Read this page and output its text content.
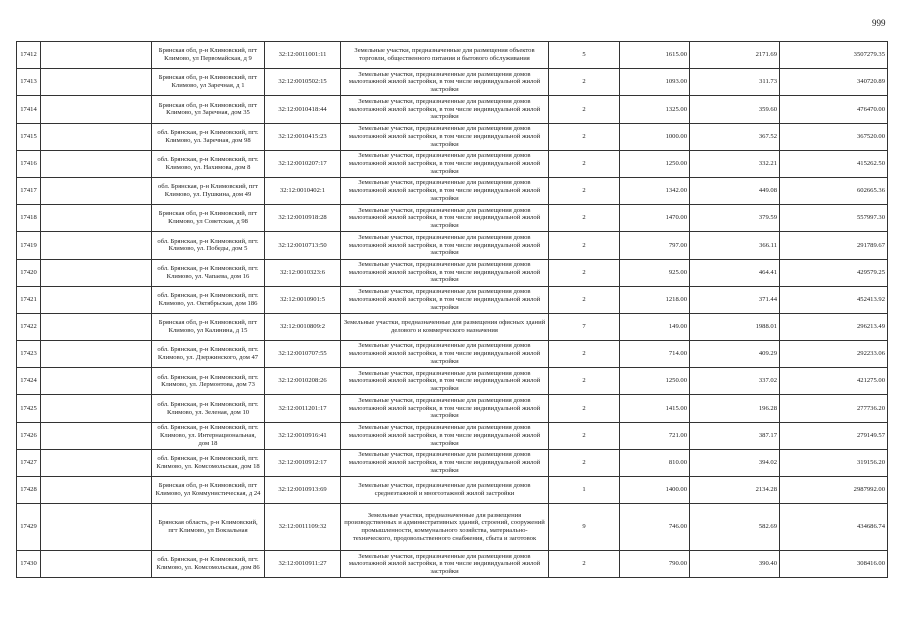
999
17412		Брянская обл, р-н Климовский, пгт Климово, ул Первомайская, д 9	32:12:0011001:11	Земельные участки, предназначенные для размещения объектов торговли, общественного питания и бытового обслуживания	5	1615.00	2171.69	3507279.35
17413		Брянская обл, р-н Климовский, пгт Климово, ул Заречная, д 1	32:12:0010502:15	Земельные участки, предназначенные для размещения домов малоэтажной жилой застройки, в том числе индивидуальной жилой застройки	2	1093.00	311.73	340720.89
17414		Брянская обл, р-н Климовский, пгт Климово, ул Заречная, дом 35	32:12:0010418:44	Земельные участки, предназначенные для размещения домов малоэтажной жилой застройки, в том числе индивидуальной жилой застройки	2	1325.00	359.60	476470.00
17415		обл. Брянская, р-н Климовский, пгт. Климово, ул. Заречная, дом 98	32:12:0010415:23	Земельные участки, предназначенные для размещения домов малоэтажной жилой застройки, в том числе индивидуальной жилой застройки	2	1000.00	367.52	367520.00
17416		обл. Брянская, р-н Климовский, пгт. Климово, ул. Нахимова, дом 8	32:12:0010207:17	Земельные участки, предназначенные для размещения домов малоэтажной жилой застройки, в том числе индивидуальной жилой застройки	2	1250.00	332.21	415262.50
17417		обл. Брянская, р-н Климовский, пгт Климово, ул. Пушкина, дом 49	32:12:0010402:1	Земельные участки, предназначенные для размещения домов малоэтажной жилой застройки, в том числе индивидуальной жилой застройки	2	1342.00	449.08	602665.36
17418		Брянская обл, р-н Климовский, пгт Климово, ул Советская, д 98	32:12:0010918:28	Земельные участки, предназначенные для размещения домов малоэтажной жилой застройки, в том числе индивидуальной жилой застройки	2	1470.00	379.59	557997.30
17419		обл. Брянская, р-н Климовский, пгт. Климово, ул. Победы, дом 5	32:12:0010713:50	Земельные участки, предназначенные для размещения домов малоэтажной жилой застройки, в том числе индивидуальной жилой застройки	2	797.00	366.11	291789.67
17420		обл. Брянская, р-н Климовский, пгт. Климово, ул. Чапаева, дом 16	32:12:0010323:6	Земельные участки, предназначенные для размещения домов малоэтажной жилой застройки, в том числе индивидуальной жилой застройки	2	925.00	464.41	429579.25
17421		обл. Брянская, р-н Климовский, пгт. Климово, ул. Октябрьская, дом 186	32:12:0010901:5	Земельные участки, предназначенные для размещения домов малоэтажной жилой застройки, в том числе индивидуальной жилой застройки	2	1218.00	371.44	452413.92
17422		Брянская обл, р-н Климовский, пгт Климово, ул Калинина, д 15	32:12:0010809:2	Земельные участки, предназначенные для размещения офисных зданий делового и коммерческого назначения	7	149.00	1988.01	296213.49
17423		обл. Брянская, р-н Климовский, пгт. Климово, ул. Дзержинского, дом 47	32:12:0010707:55	Земельные участки, предназначенные для размещения домов малоэтажной жилой застройки, в том числе индивидуальной жилой застройки	2	714.00	409.29	292233.06
17424		обл. Брянская, р-н Климовский, пгт. Климово, ул. Лермонтова, дом 73	32:12:0010208:26	Земельные участки, предназначенные для размещения домов малоэтажной жилой застройки, в том числе индивидуальной жилой застройки	2	1250.00	337.02	421275.00
17425		обл. Брянская, р-н Климовский, пгт. Климово, ул. Зеленая, дом 10	32:12:0011201:17	Земельные участки, предназначенные для размещения домов малоэтажной жилой застройки, в том числе индивидуальной жилой застройки	2	1415.00	196.28	277736.20
17426		обл. Брянская, р-н Климовский, пгт. Климово, ул. Интернациональная, дом 18	32:12:0010916:41	Земельные участки, предназначенные для размещения домов малоэтажной жилой застройки, в том числе индивидуальной жилой застройки	2	721.00	387.17	279149.57
17427		обл. Брянская, р-н Климовский, пгт. Климово, ул. Комсомольская, дом 18	32:12:0010912:17	Земельные участки, предназначенные для размещения домов малоэтажной жилой застройки, в том числе индивидуальной жилой застройки	2	810.00	394.02	319156.20
17428		Брянская обл, р-н Климовский, пгт Климово, ул Коммунистическая, д 24	32:12:0010913:69	Земельные участки, предназначенные для размещения домов среднеэтажной и многоэтажной жилой застройки	1	1400.00	2134.28	2987992.00
17429		Брянская область, р-н Климовский, пгт Климово, ул Вокзальная	32:12:0011109:32	Земельные участки, предназначенные для размещения производственных и административных зданий, строений, сооружений промышленности, коммунального хозяйства, материально-технического, продовольственного снабжения, сбыта и заготовок	9	746.00	582.69	434686.74
17430		обл. Брянская, р-н Климовский, пгт. Климово, ул. Комсомольская, дом 86	32:12:0010911:27	Земельные участки, предназначенные для размещения домов малоэтажной жилой застройки, в том числе индивидуальной жилой застройки	2	790.00	390.40	308416.00
